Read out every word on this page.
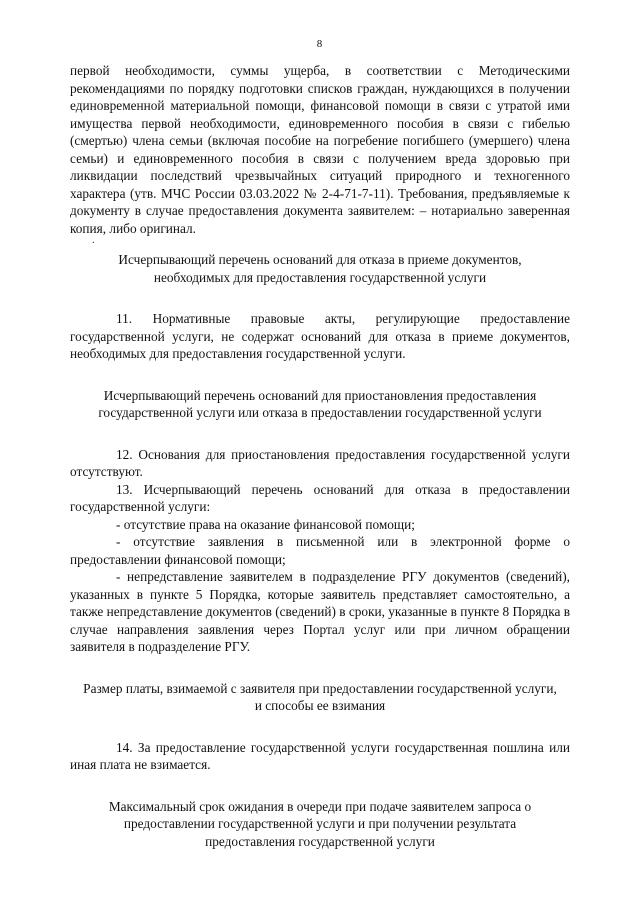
8

первой необходимости, суммы ущерба, в соответствии с Методическими рекомендациями по порядку подготовки списков граждан, нуждающихся в получении единовременной материальной помощи, финансовой помощи в связи с утратой ими имущества первой необходимости, единовременного пособия в связи с гибелью (смертью) члена семьи (включая пособие на погребение погибшего (умершего) члена семьи) и единовременного пособия в связи с получением вреда здоровью при ликвидации последствий чрезвычайных ситуаций природного и техногенного характера (утв. МЧС России 03.03.2022 № 2-4-71-7-11). Требования, предъявляемые к документу в случае предоставления документа заявителем: – нотариально заверенная копия, либо оригинал.

.

Исчерпывающий перечень оснований для отказа в приеме документов, необходимых для предоставления государственной услуги

11. Нормативные правовые акты, регулирующие предоставление государственной услуги, не содержат оснований для отказа в приеме документов, необходимых для предоставления государственной услуги.

Исчерпывающий перечень оснований для приостановления предоставления государственной услуги или отказа в предоставлении государственной услуги

12. Основания для приостановления предоставления государственной услуги отсутствуют.

13. Исчерпывающий перечень оснований для отказа в предоставлении государственной услуги:

- отсутствие права на оказание финансовой помощи;

- отсутствие заявления в письменной или в электронной форме о предоставлении финансовой помощи;

- непредставление заявителем в подразделение РГУ документов (сведений), указанных в пункте 5 Порядка, которые заявитель представляет самостоятельно, а также непредставление документов (сведений) в сроки, указанные в пункте 8 Порядка в случае направления заявления через Портал услуг или при личном обращении заявителя в подразделение РГУ.

Размер платы, взимаемой с заявителя при предоставлении государственной услуги, и способы ее взимания

14. За предоставление государственной услуги государственная пошлина или иная плата не взимается.

Максимальный срок ожидания в очереди при подаче заявителем запроса о предоставлении государственной услуги и при получении результата предоставления государственной услуги
